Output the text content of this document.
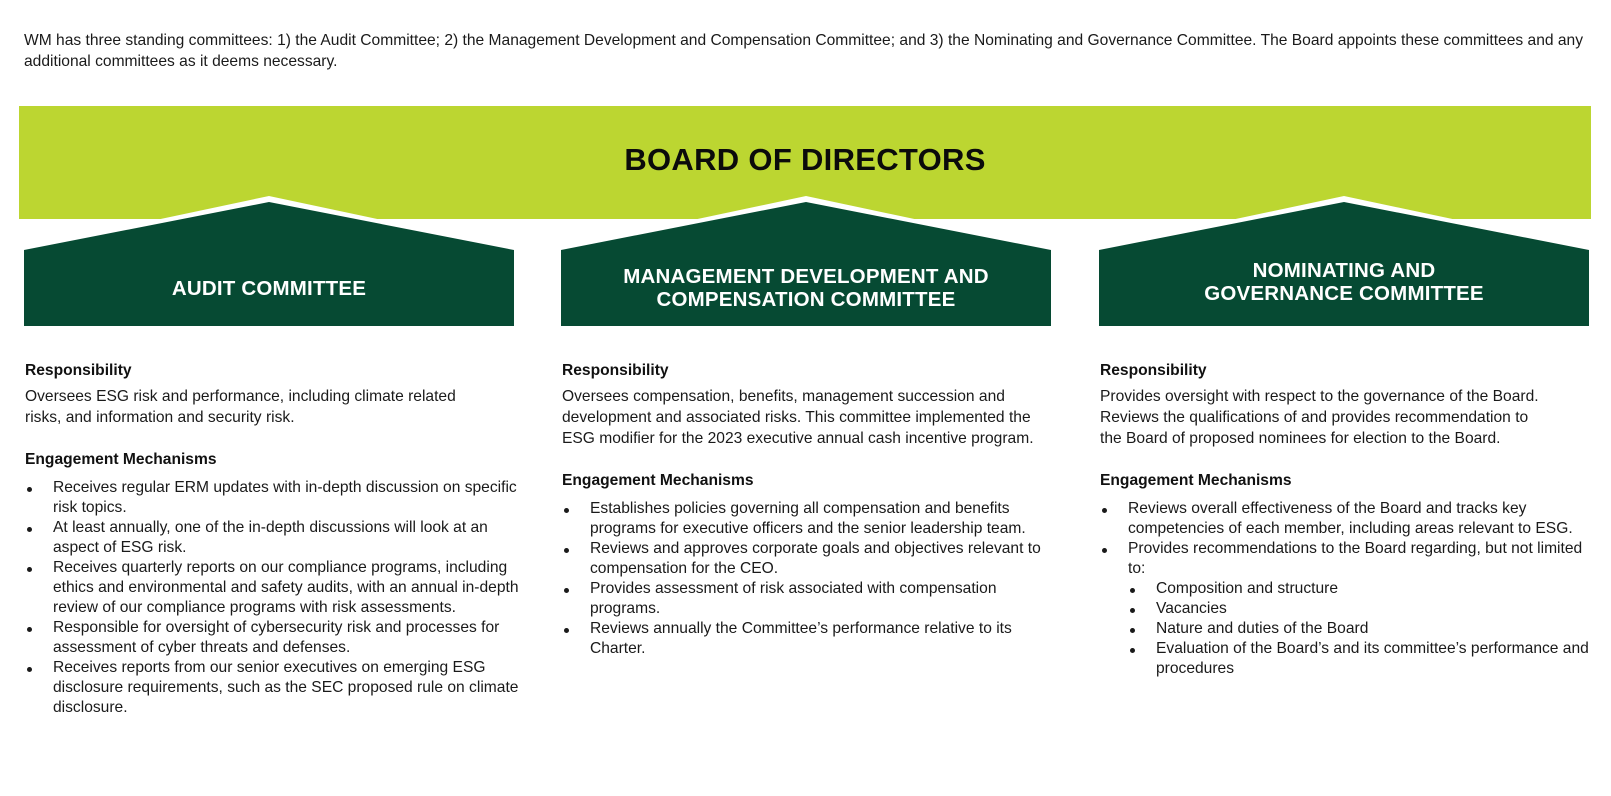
WM has three standing committees: 1) the Audit Committee; 2) the Management Development and Compensation Committee; and 3) the Nominating and Governance Committee. The Board appoints these committees and any additional committees as it deems necessary.
BOARD OF DIRECTORS
AUDIT COMMITTEE
Responsibility

Oversees ESG risk and performance, including climate related risks, and information and security risk.

Engagement Mechanisms
Receives regular ERM updates with in-depth discussion on specific risk topics.
At least annually, one of the in-depth discussions will look at an aspect of ESG risk.
Receives quarterly reports on our compliance programs, including ethics and environmental and safety audits, with an annual in-depth review of our compliance programs with risk assessments.
Responsible for oversight of cybersecurity risk and processes for assessment of cyber threats and defenses.
Receives reports from our senior executives on emerging ESG disclosure requirements, such as the SEC proposed rule on climate disclosure.
MANAGEMENT DEVELOPMENT AND
COMPENSATION COMMITTEE
Responsibility

Oversees compensation, benefits, management succession and development and associated risks. This committee implemented the ESG modifier for the 2023 executive annual cash incentive program.

Engagement Mechanisms
Establishes policies governing all compensation and benefits programs for executive officers and the senior leadership team.
Reviews and approves corporate goals and objectives relevant to compensation for the CEO.
Provides assessment of risk associated with compensation programs.
Reviews annually the Committee’s performance relative to its Charter.
NOMINATING AND
GOVERNANCE COMMITTEE
Responsibility

Provides oversight with respect to the governance of the Board. Reviews the qualifications of and provides recommendation to the Board of proposed nominees for election to the Board.

Engagement Mechanisms
Reviews overall effectiveness of the Board and tracks key competencies of each member, including areas relevant to ESG.
Provides recommendations to the Board regarding, but not limited to:
Composition and structure
Vacancies
Nature and duties of the Board
Evaluation of the Board’s and its committee’s performance and procedures
